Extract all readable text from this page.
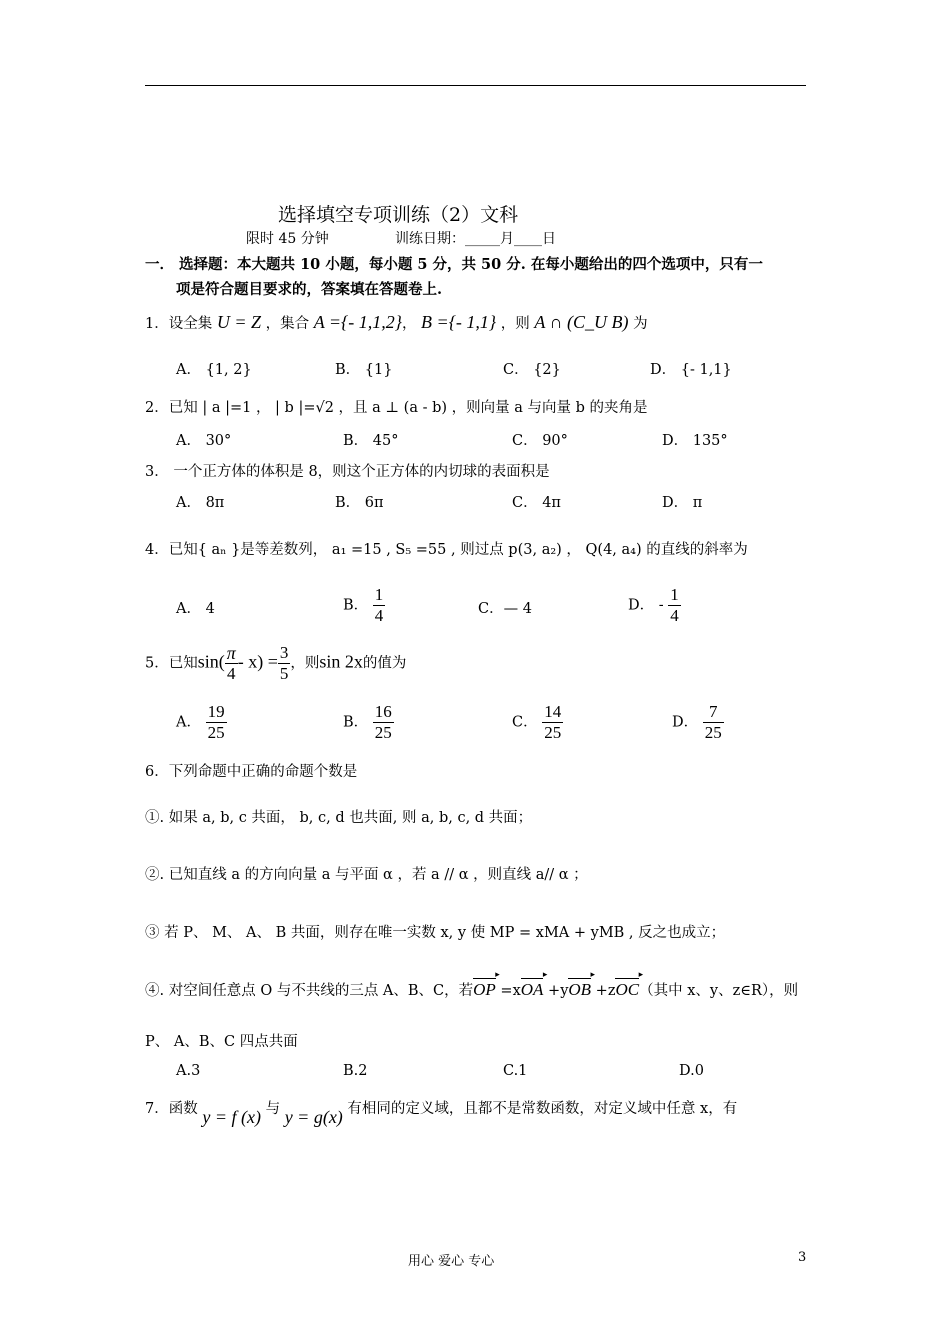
选择填空专项训练（2）文科
限时 45 分钟	训练日期：_____月____日
一． 选择题：本大题共 10 小题，每小题 5 分，共 50 分. 在每小题给出的四个选项中，只有一
项是符合题目要求的，答案填在答题卷上.
1．设全集 U = Z ，集合 A ={- 1,1,2}， B ={- 1,1} ，则 A ∩ (C_U B) 为
A． {1, 2}	B． {1}	C． {2}	D． {- 1,1}
2．已知 | a |=1 ， | b |=√2 ，且 a ⊥ (a - b) ，则向量 a 与向量 b 的夹角是
A． 30°	B． 45°	C． 90°	D． 135°
3． 一个正方体的体积是 8，则这个正方体的内切球的表面积是
A． 8π	B． 6π	C． 4π	D． π
4．已知{ aₙ }是等差数列， a₁ =15 , S₅ =55 , 则过点 p(3, a₂) ， Q(4, a₄) 的直线的斜率为
A． 4	B． $\frac{1}{4}$	C．— 4	D． - $\frac{1}{4}$
5．已知$\sin( \frac{\pi}{4} - x) = \frac{3}{5}$ ，则sin 2x的值为
A． $\frac{19}{25}$	B． $\frac{16}{25}$	C． $\frac{14}{25}$	D． $\frac{7}{25}$
6．下列命题中正确的命题个数是
①. 如果 a, b, c 共面， b, c, d 也共面, 则 a, b, c, d 共面；
②. 已知直线 a 的方向向量 a 与平面 α ，若 a // α ，则直线 a// α ；
③ 若 P、 M、 A、 B 共面，则存在唯一实数 x, y 使 MP = xMA + yMB , 反之也成立；
④. 对空间任意点 O 与不共线的三点 A、B、C，若OP ▸ =xOA ▸ +yOB ▸ +zOC ▸（其中 x、y、z∈R），则
P、 A、B、C 四点共面
A.3	B.2	C.1	D.0
7．函数 y = f (x) 与 y = g(x) 有相同的定义域，且都不是常数函数，对定义域中任意 x，有
用心 爱心 专心	3
